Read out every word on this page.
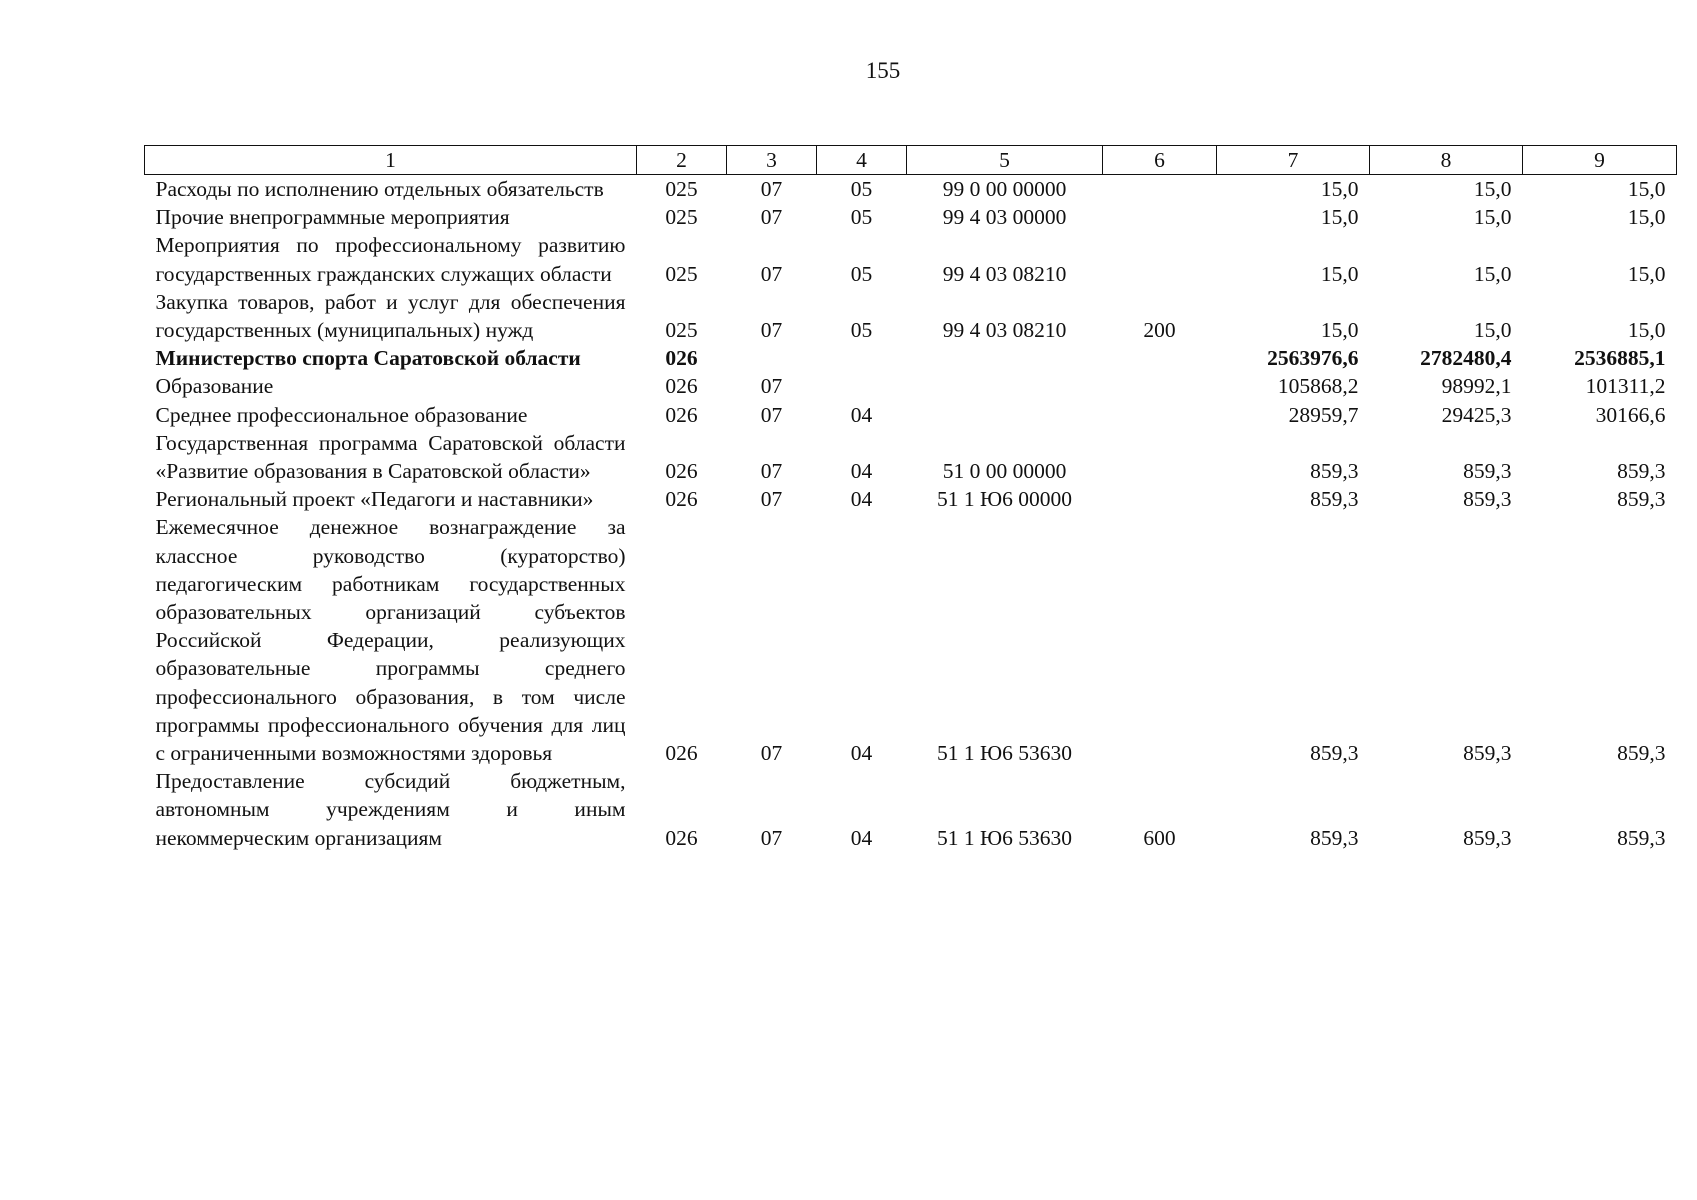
155
1	2	3	4	5	6	7	8	9
Расходы по исполнению отдельных обязательств	025	07	05	99 0 00 00000		15,0	15,0	15,0
Прочие внепрограммные мероприятия	025	07	05	99 4 03 00000		15,0	15,0	15,0
Мероприятия по профессиональному развитию государственных гражданских служащих области	025	07	05	99 4 03 08210		15,0	15,0	15,0
Закупка товаров, работ и услуг для обеспечения государственных (муниципальных) нужд	025	07	05	99 4 03 08210	200	15,0	15,0	15,0
Министерство спорта Саратовской области	026					2563976,6	2782480,4	2536885,1
Образование	026	07				105868,2	98992,1	101311,2
Среднее профессиональное образование	026	07	04			28959,7	29425,3	30166,6
Государственная программа Саратовской области «Развитие образования в Саратовской области»	026	07	04	51 0 00 00000		859,3	859,3	859,3
Региональный проект «Педагоги и наставники»	026	07	04	51 1 Ю6 00000		859,3	859,3	859,3
Ежемесячное денежное вознаграждение за классное руководство (кураторство) педагогическим работникам государственных образовательных организаций субъектов Российской Федерации, реализующих образовательные программы среднего профессионального образования, в том числе программы профессионального обучения для лиц с ограниченными возможностями здоровья	026	07	04	51 1 Ю6 53630		859,3	859,3	859,3
Предоставление субсидий бюджетным, автономным учреждениям и иным некоммерческим организациям	026	07	04	51 1 Ю6 53630	600	859,3	859,3	859,3
